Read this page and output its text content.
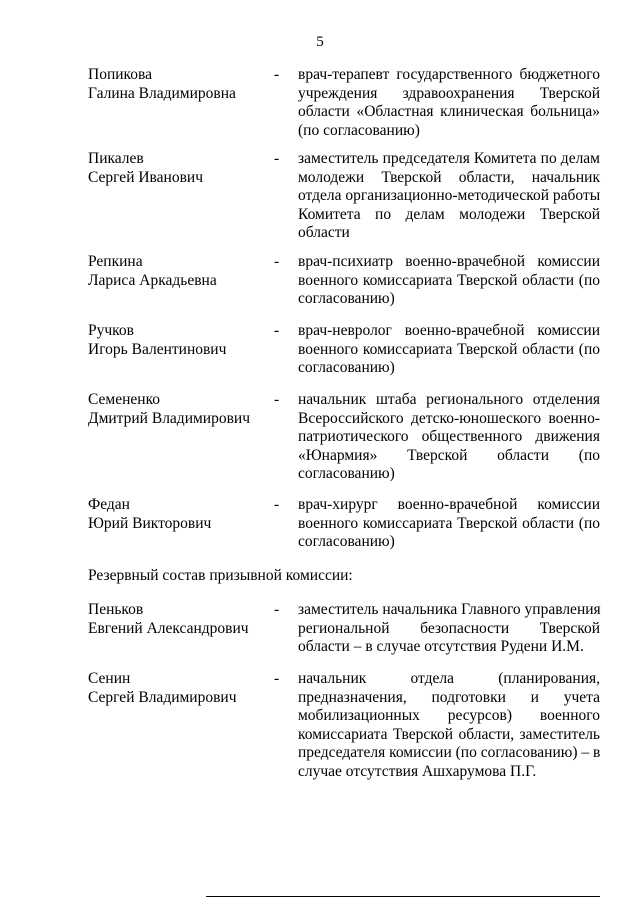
5
Попикова
Галина Владимировна
- врач-терапевт государственного бюджетного
учреждения здравоохранения Тверской
области «Областная клиническая больница»
(по согласованию)
Пикалев
Сергей Иванович
- заместитель председателя Комитета по делам
молодежи Тверской области, начальник
отдела организационно-методической работы
Комитета по делам молодежи Тверской
области
Репкина
Лариса Аркадьевна
- врач-психиатр военно-врачебной комиссии
военного комиссариата Тверской области (по
согласованию)
Ручков
Игорь Валентинович
- врач-невролог военно-врачебной комиссии
военного комиссариата Тверской области (по
согласованию)
Семененко
Дмитрий Владимирович
- начальник штаба регионального отделения
Всероссийского детско-юношеского военно-
патриотического общественного движения
«Юнармия» Тверской области (по
согласованию)
Федан
Юрий Викторович
- врач-хирург военно-врачебной комиссии
военного комиссариата Тверской области (по
согласованию)
Резервный состав призывной комиссии:
Пеньков
Евгений Александрович
- заместитель начальника Главного управления
региональной безопасности Тверской
области – в случае отсутствия Рудени И.М.
Сенин
Сергей Владимирович
- начальник отдела (планирования,
предназначения, подготовки и учета
мобилизационных ресурсов) военного
комиссариата Тверской области, заместитель
председателя комиссии (по согласованию) – в
случае отсутствия Ашхарумова П.Г.
